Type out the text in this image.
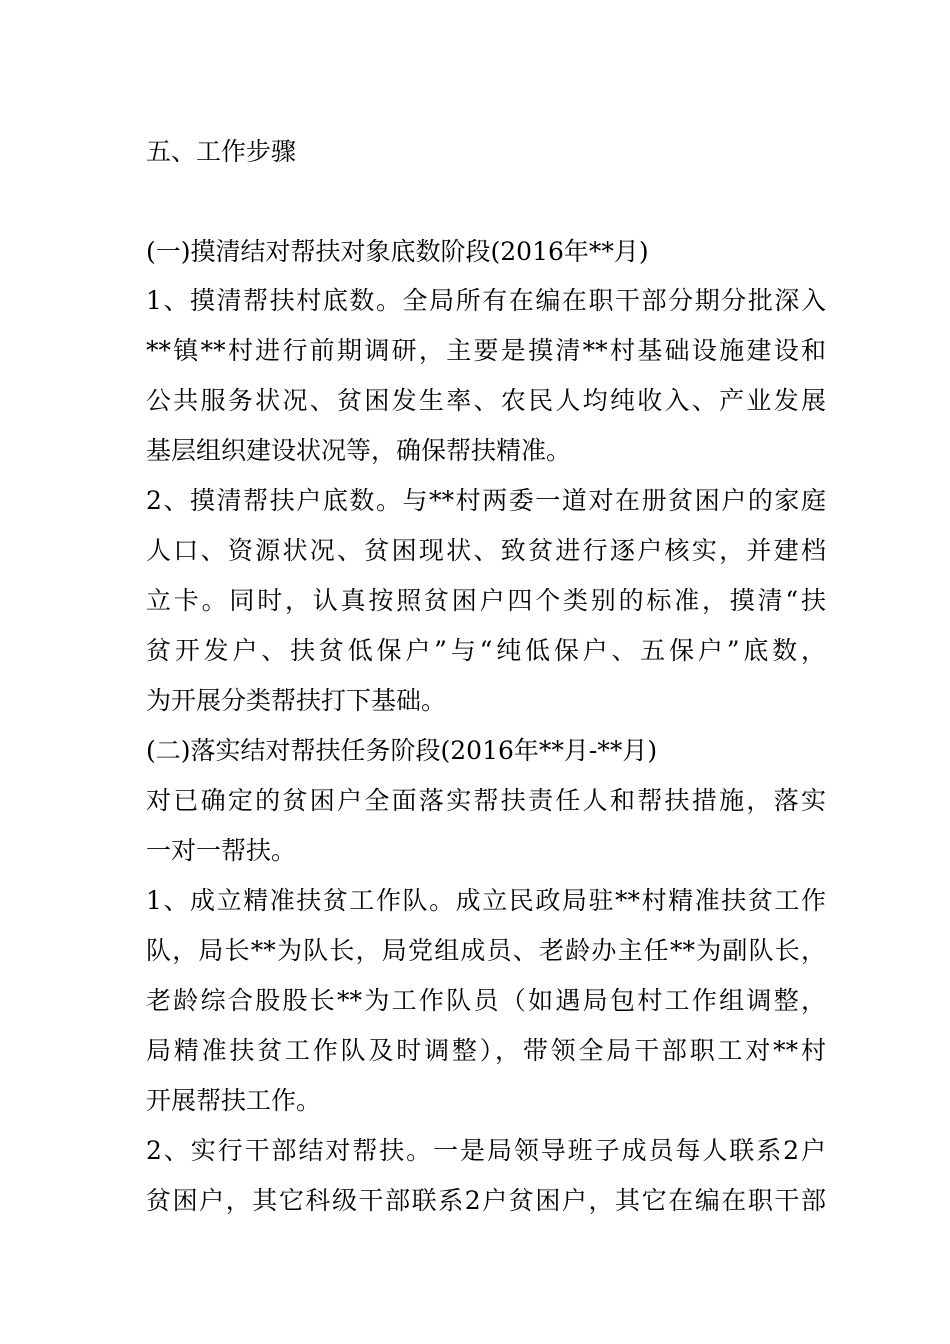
五、工作步骤
(一)摸清结对帮扶对象底数阶段(2016年**月)
1、摸清帮扶村底数。全局所有在编在职干部分期分批深入
**镇**村进行前期调研，主要是摸清**村基础设施建设和
公共服务状况、贫困发生率、农民人均纯收入、产业发展
基层组织建设状况等，确保帮扶精准。
2、摸清帮扶户底数。与**村两委一道对在册贫困户的家庭
人口、资源状况、贫困现状、致贫进行逐户核实，并建档
立卡。同时，认真按照贫困户四个类别的标准，摸清“扶
贫开发户、扶贫低保户”与“纯低保户、五保户”底数，
为开展分类帮扶打下基础。
(二)落实结对帮扶任务阶段(2016年**月-**月)
对已确定的贫困户全面落实帮扶责任人和帮扶措施，落实
一对一帮扶。
1、成立精准扶贫工作队。成立民政局驻**村精准扶贫工作
队，局长**为队长，局党组成员、老龄办主任**为副队长，
老龄综合股股长**为工作队员（如遇局包村工作组调整，
局精准扶贫工作队及时调整），带领全局干部职工对**村
开展帮扶工作。
2、实行干部结对帮扶。一是局领导班子成员每人联系2户
贫困户，其它科级干部联系2户贫困户，其它在编在职干部
